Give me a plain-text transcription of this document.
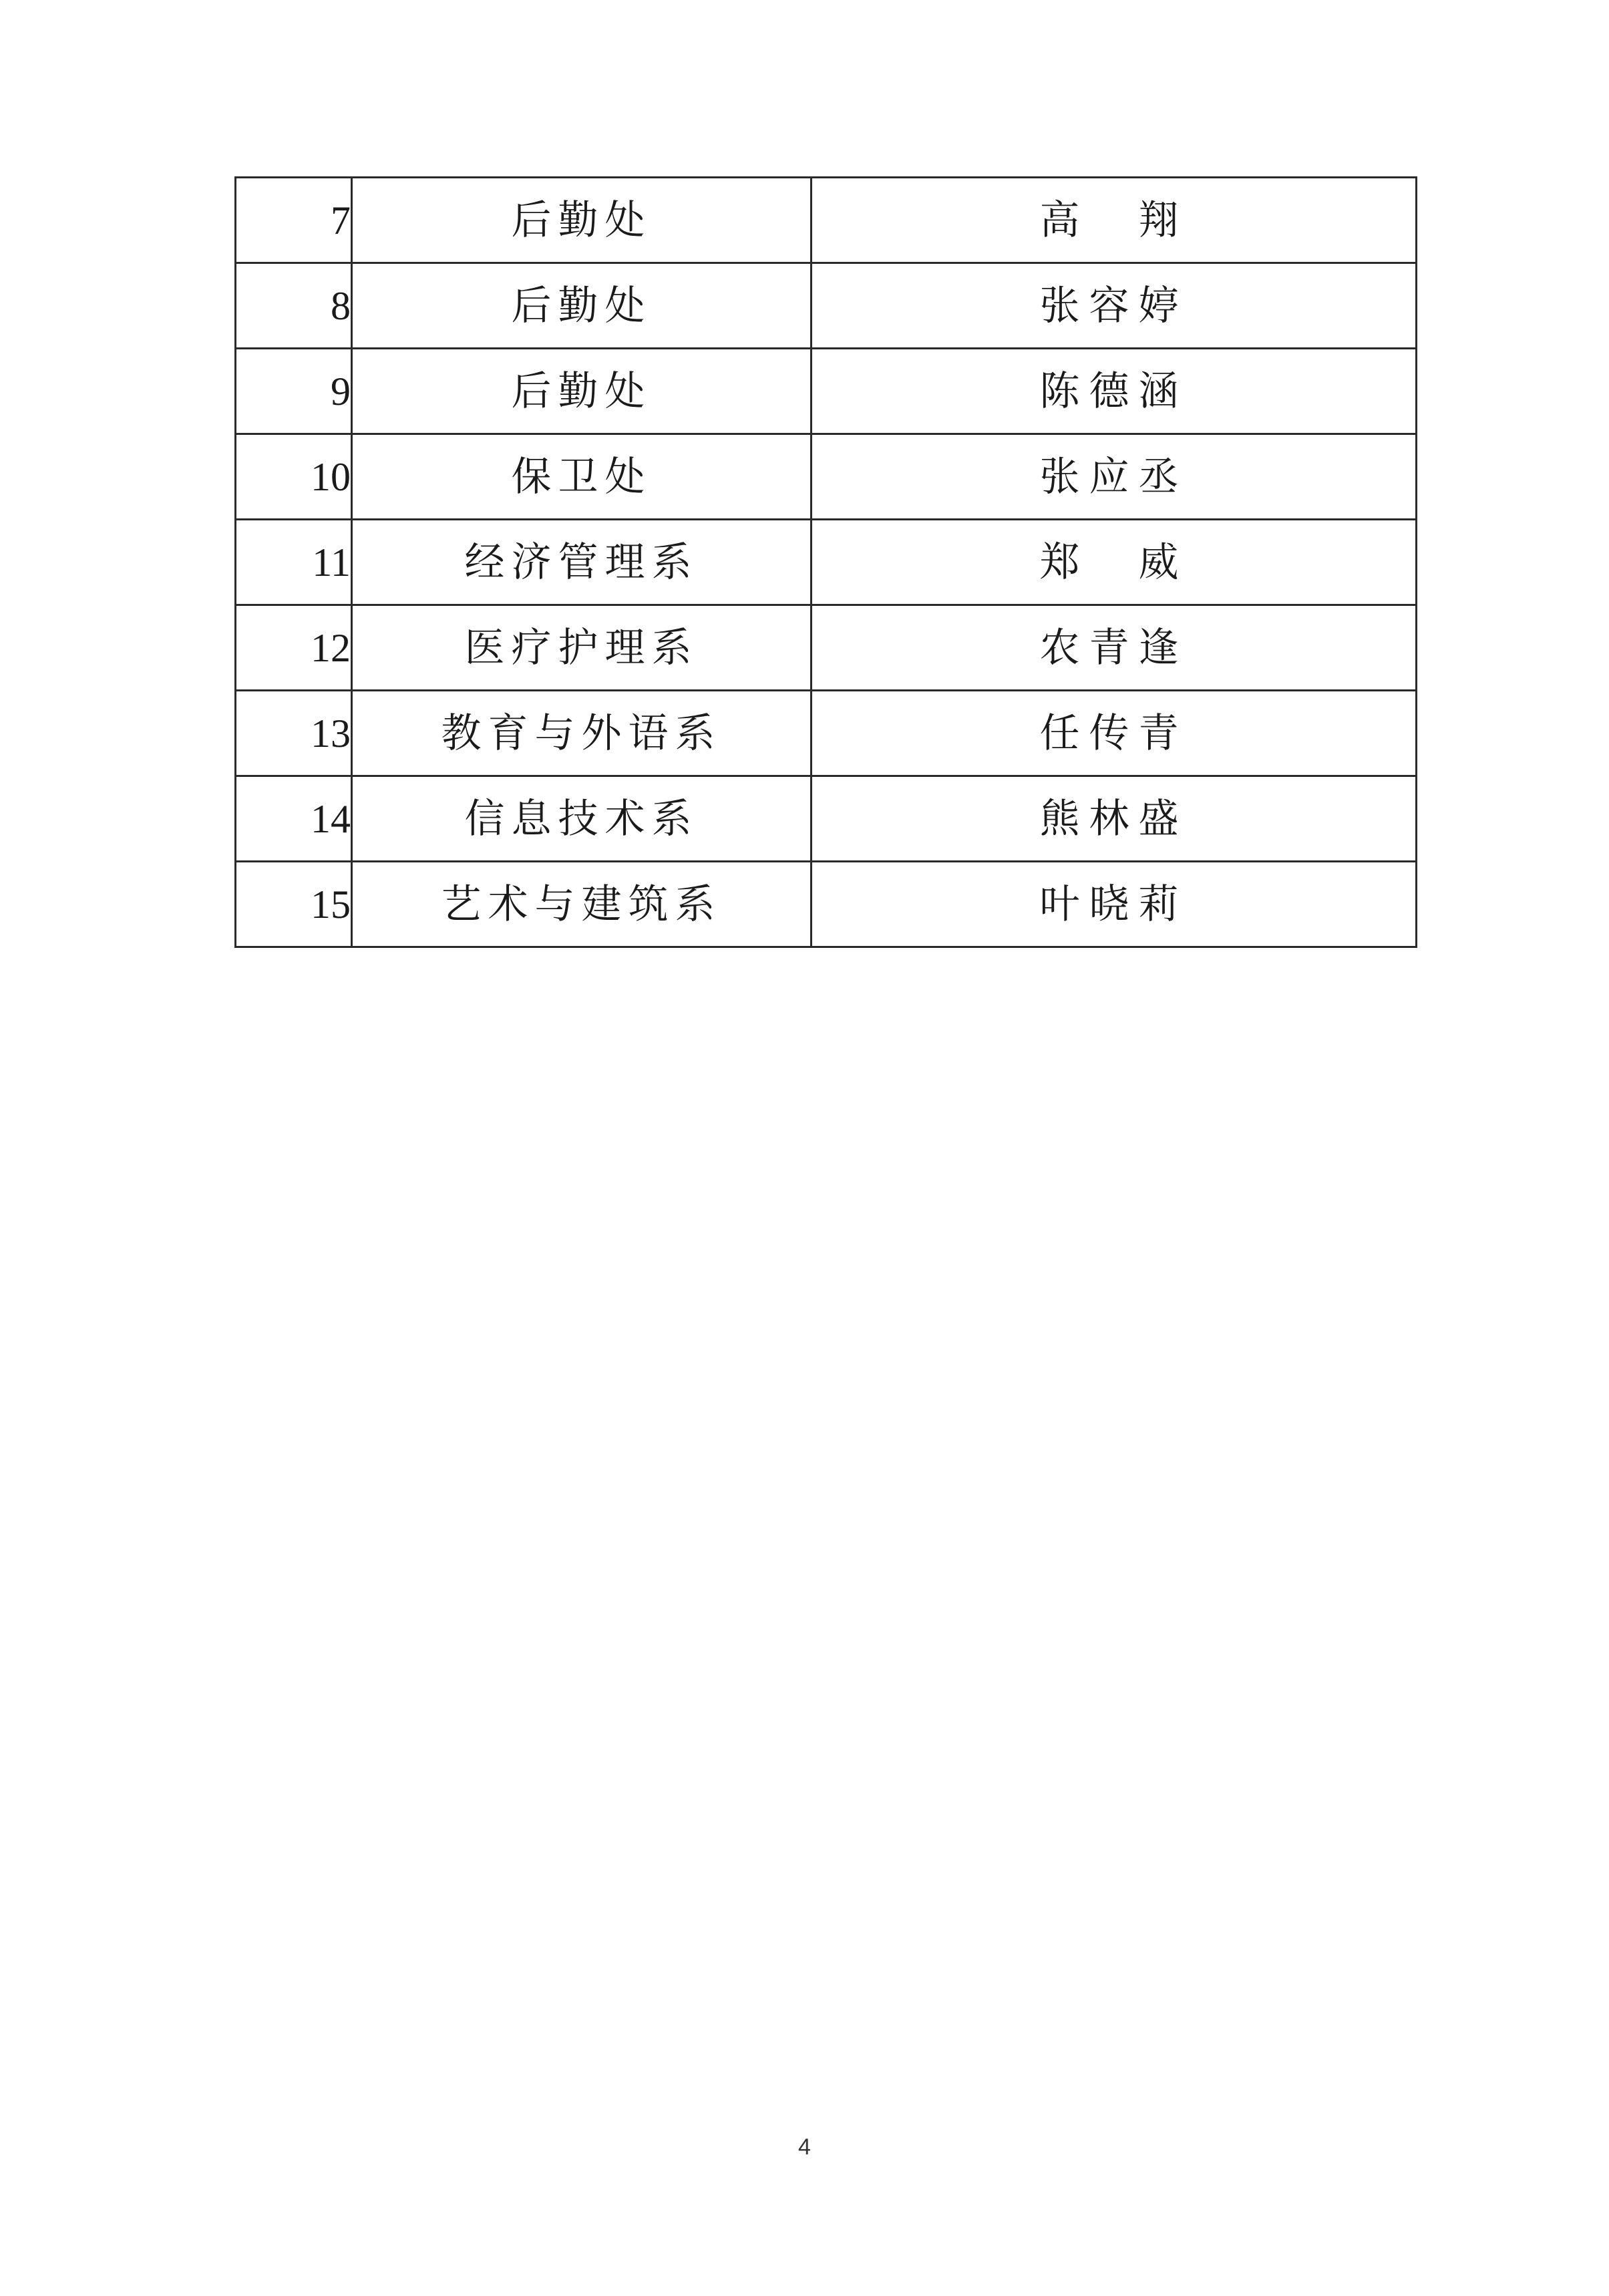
7	后勤处	高　翔
8	后勤处	张容婷
9	后勤处	陈德涵
10	保卫处	张应丞
11	经济管理系	郑　威
12	医疗护理系	农青逢
13	教育与外语系	任传青
14	信息技术系	熊林盛
15	艺术与建筑系	叶晓莉
4
